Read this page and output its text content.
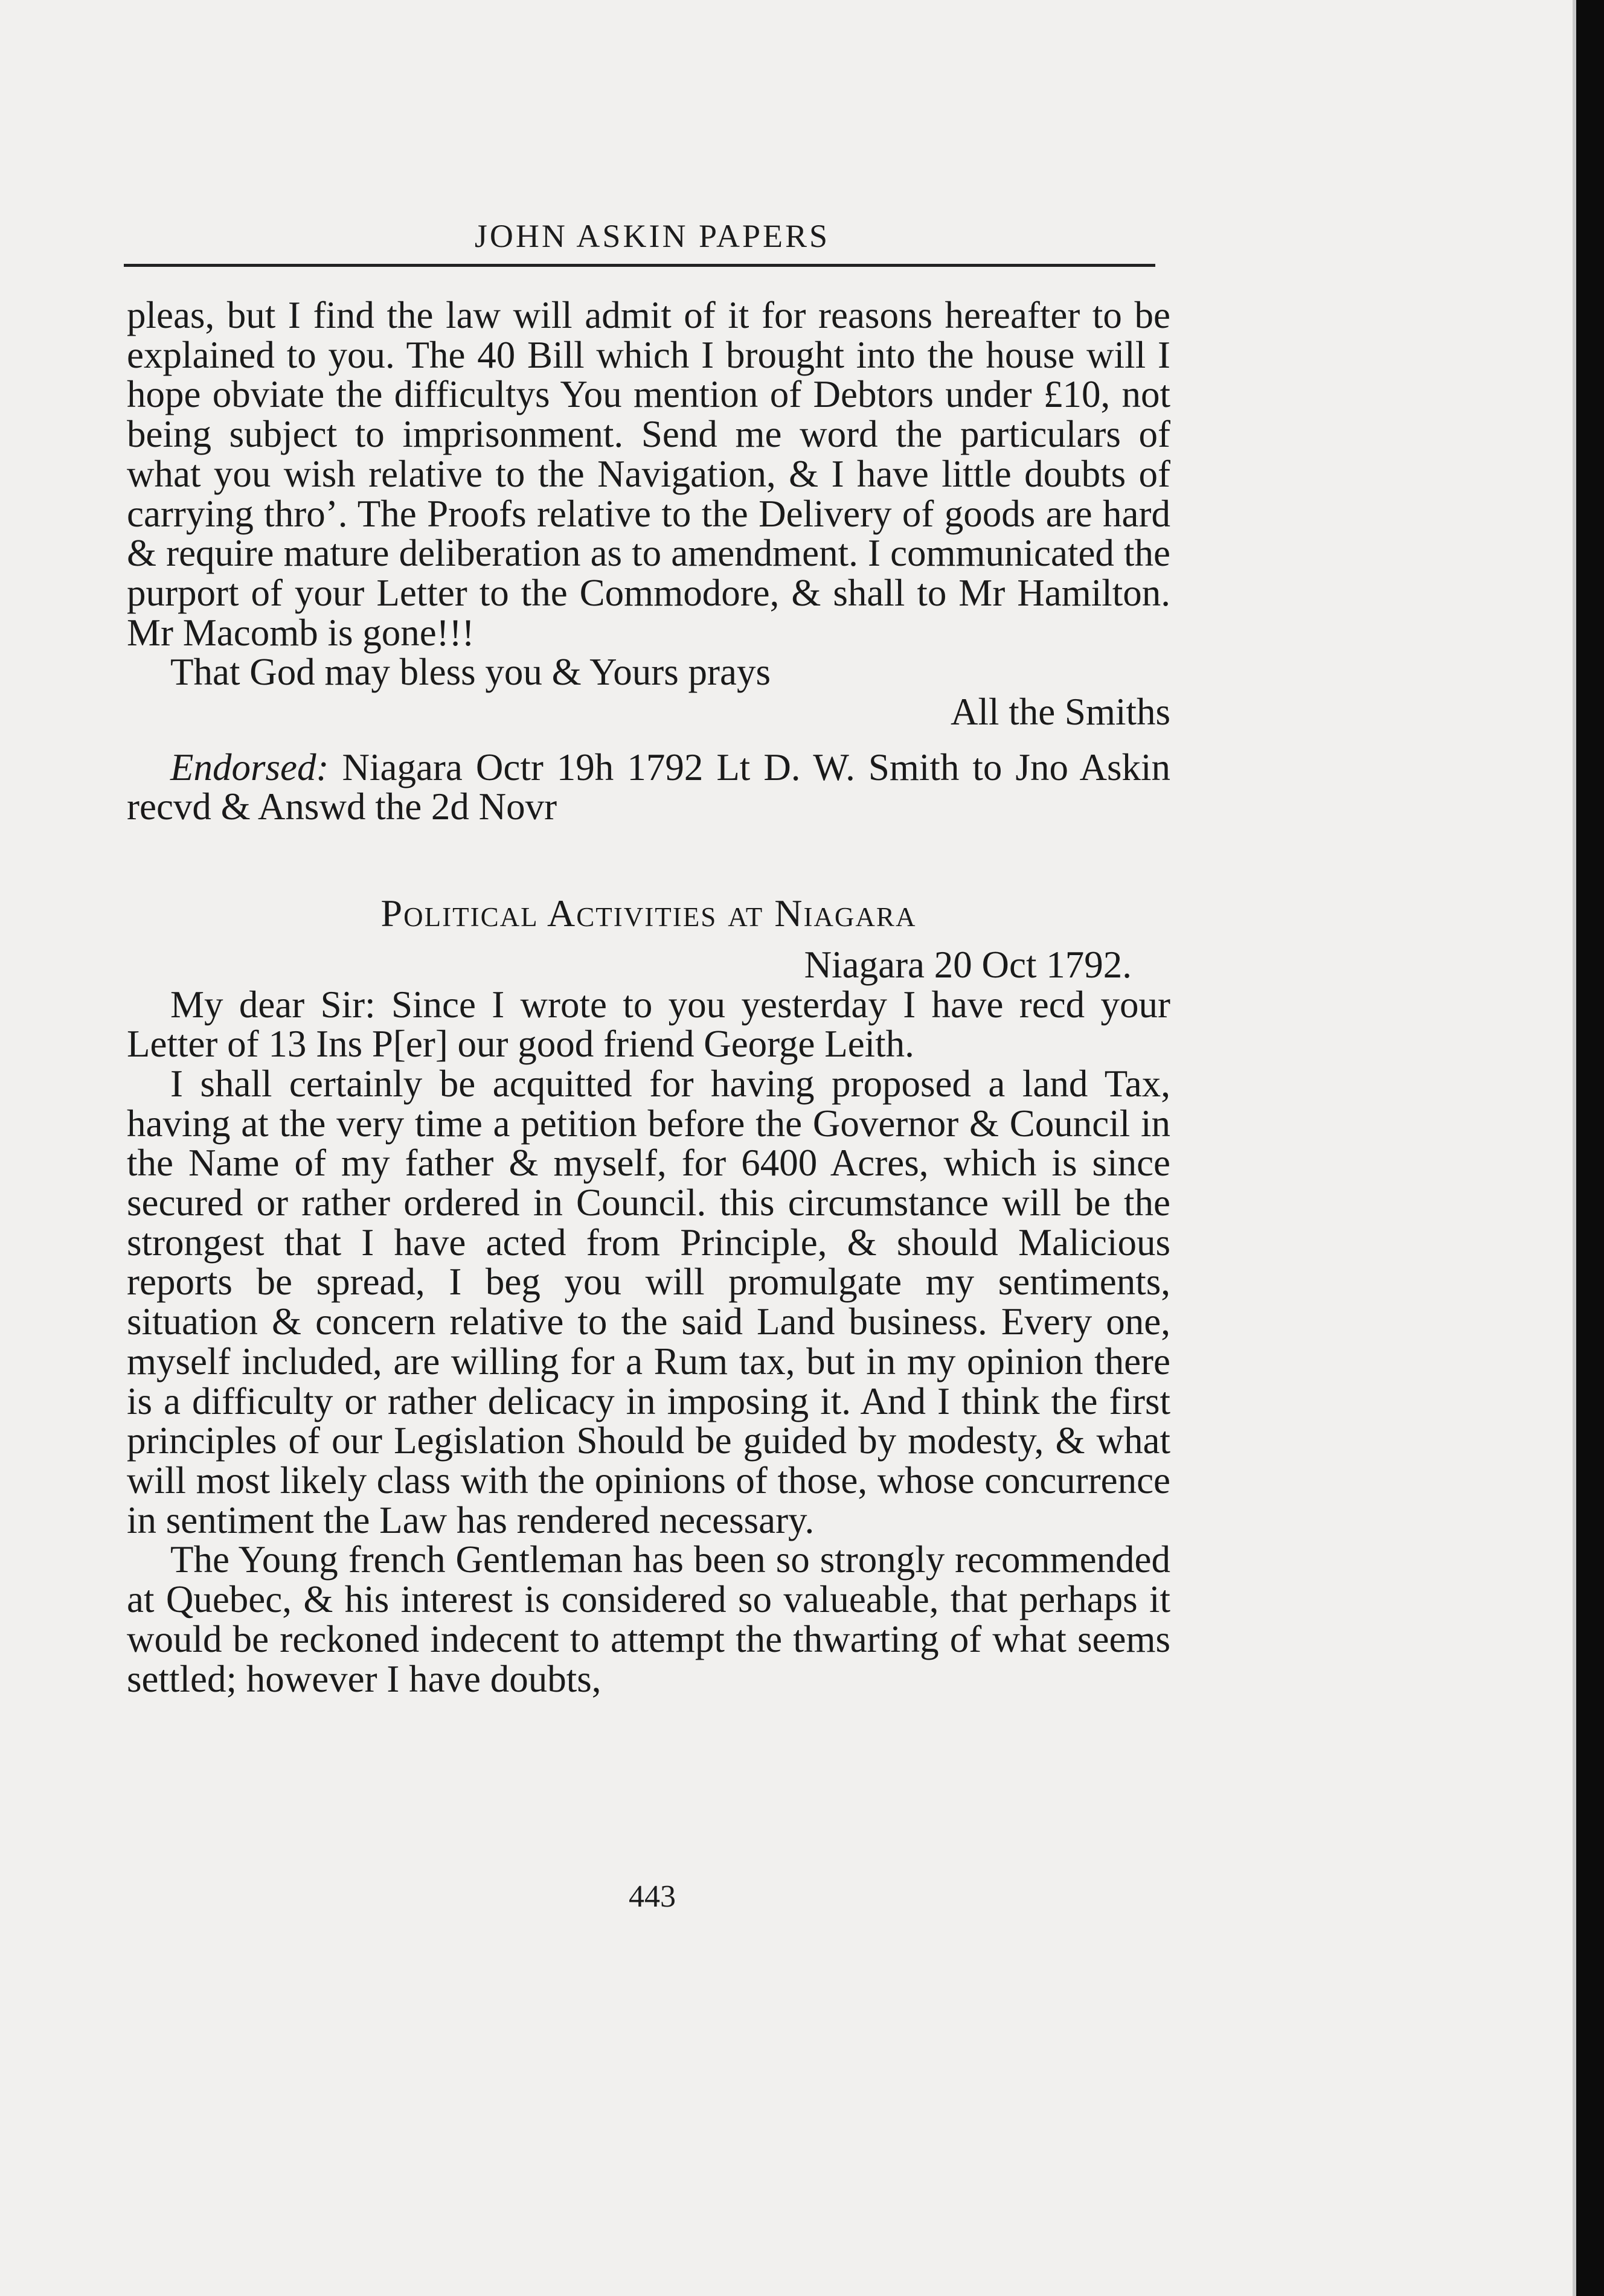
JOHN ASKIN PAPERS

pleas, but I find the law will admit of it for reasons hereafter to be explained to you. The 40 Bill which I brought into the house will I hope obviate the difficultys You mention of Debtors under £10, not being subject to imprisonment. Send me word the particulars of what you wish relative to the Navigation, & I have little doubts of carrying thro’. The Proofs relative to the Delivery of goods are hard & require mature deliberation as to amendment. I communicated the purport of your Letter to the Commodore, & shall to Mr Hamilton. Mr Macomb is gone!!!

That God may bless you & Yours prays

All the Smiths

Endorsed: Niagara Octr 19h 1792 Lt D. W. Smith to Jno Askin recvd & Answd the 2d Novr

Political Activities at Niagara

Niagara 20 Oct 1792.

My dear Sir: Since I wrote to you yesterday I have recd your Letter of 13 Ins P[er] our good friend George Leith.

I shall certainly be acquitted for having proposed a land Tax, having at the very time a petition before the Governor & Council in the Name of my father & myself, for 6400 Acres, which is since secured or rather ordered in Council. this circumstance will be the strongest that I have acted from Principle, & should Malicious reports be spread, I beg you will promulgate my sentiments, situation & concern relative to the said Land business. Every one, myself included, are willing for a Rum tax, but in my opinion there is a difficulty or rather delicacy in imposing it. And I think the first principles of our Legislation Should be guided by modesty, & what will most likely class with the opinions of those, whose concurrence in sentiment the Law has rendered necessary.

The Young french Gentleman has been so strongly recommended at Quebec, & his interest is considered so valueable, that perhaps it would be reckoned indecent to attempt the thwarting of what seems settled; however I have doubts,

443
